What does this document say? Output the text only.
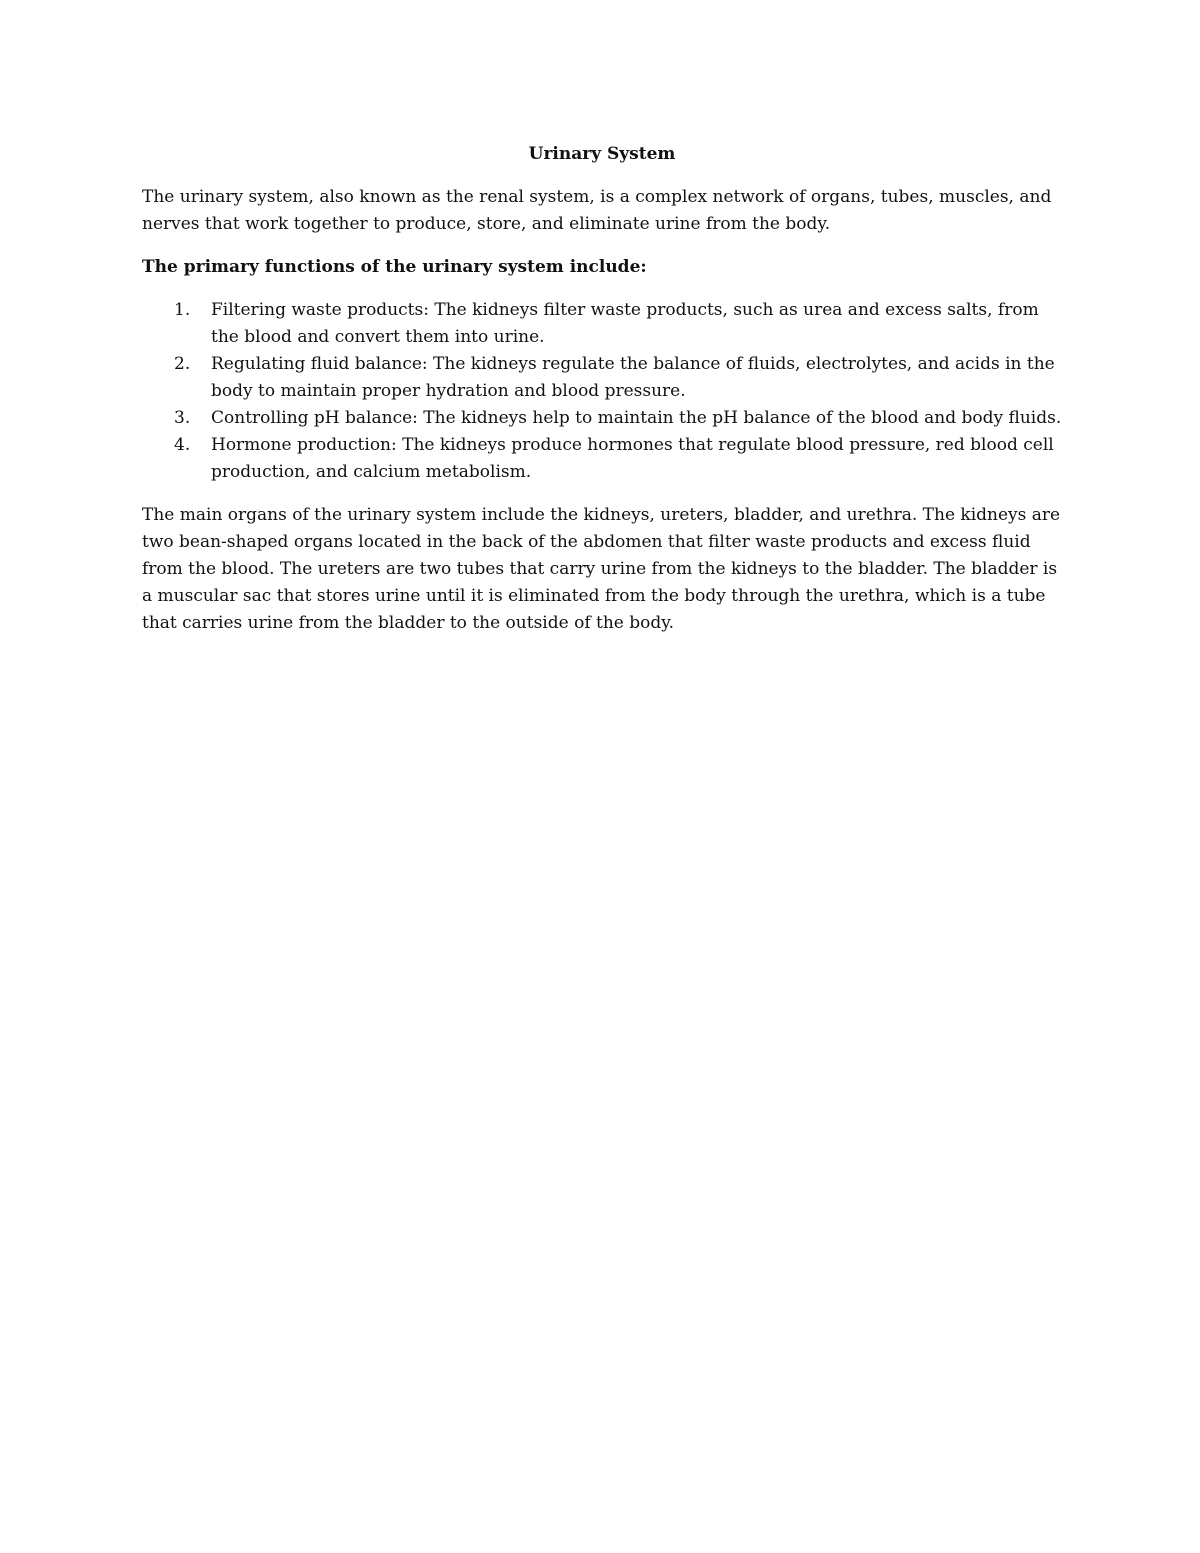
Urinary System

The urinary system, also known as the renal system, is a complex network of organs, tubes, muscles, and nerves that work together to produce, store, and eliminate urine from the body.

The primary functions of the urinary system include:

1. Filtering waste products: The kidneys filter waste products, such as urea and excess salts, from the blood and convert them into urine.
2. Regulating fluid balance: The kidneys regulate the balance of fluids, electrolytes, and acids in the body to maintain proper hydration and blood pressure.
3. Controlling pH balance: The kidneys help to maintain the pH balance of the blood and body fluids.
4. Hormone production: The kidneys produce hormones that regulate blood pressure, red blood cell production, and calcium metabolism.

The main organs of the urinary system include the kidneys, ureters, bladder, and urethra. The kidneys are two bean-shaped organs located in the back of the abdomen that filter waste products and excess fluid from the blood. The ureters are two tubes that carry urine from the kidneys to the bladder. The bladder is a muscular sac that stores urine until it is eliminated from the body through the urethra, which is a tube that carries urine from the bladder to the outside of the body.
